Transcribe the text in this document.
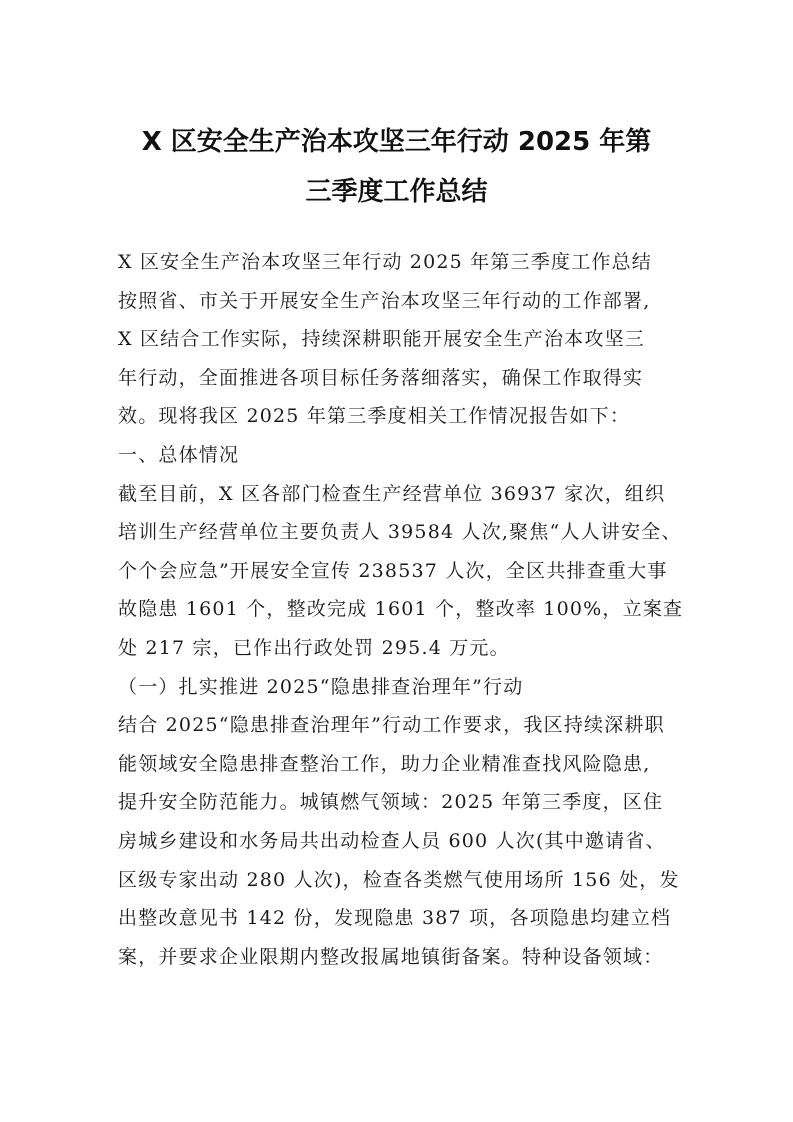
X 区安全生产治本攻坚三年行动 2025 年第
三季度工作总结
X 区安全生产治本攻坚三年行动 2025 年第三季度工作总结
按照省、市关于开展安全生产治本攻坚三年行动的工作部署,
X 区结合工作实际，持续深耕职能开展安全生产治本攻坚三
年行动，全面推进各项目标任务落细落实，确保工作取得实
效。现将我区 2025 年第三季度相关工作情况报告如下：
一、总体情况
截至目前，X 区各部门检查生产经营单位 36937 家次，组织
培训生产经营单位主要负责人 39584 人次,聚焦“人人讲安全、
个个会应急”开展安全宣传 238537 人次，全区共排查重大事
故隐患 1601 个，整改完成 1601 个，整改率 100%，立案查
处 217 宗，已作出行政处罚 295.4 万元。
（一）扎实推进 2025“隐患排查治理年”行动
结合 2025“隐患排查治理年”行动工作要求，我区持续深耕职
能领域安全隐患排查整治工作，助力企业精准查找风险隐患,
提升安全防范能力。城镇燃气领域：2025 年第三季度，区住
房城乡建设和水务局共出动检查人员 600 人次(其中邀请省、
区级专家出动 280 人次)，检查各类燃气使用场所 156 处，发
出整改意见书 142 份，发现隐患 387 项，各项隐患均建立档
案，并要求企业限期内整改报属地镇街备案。特种设备领域：
